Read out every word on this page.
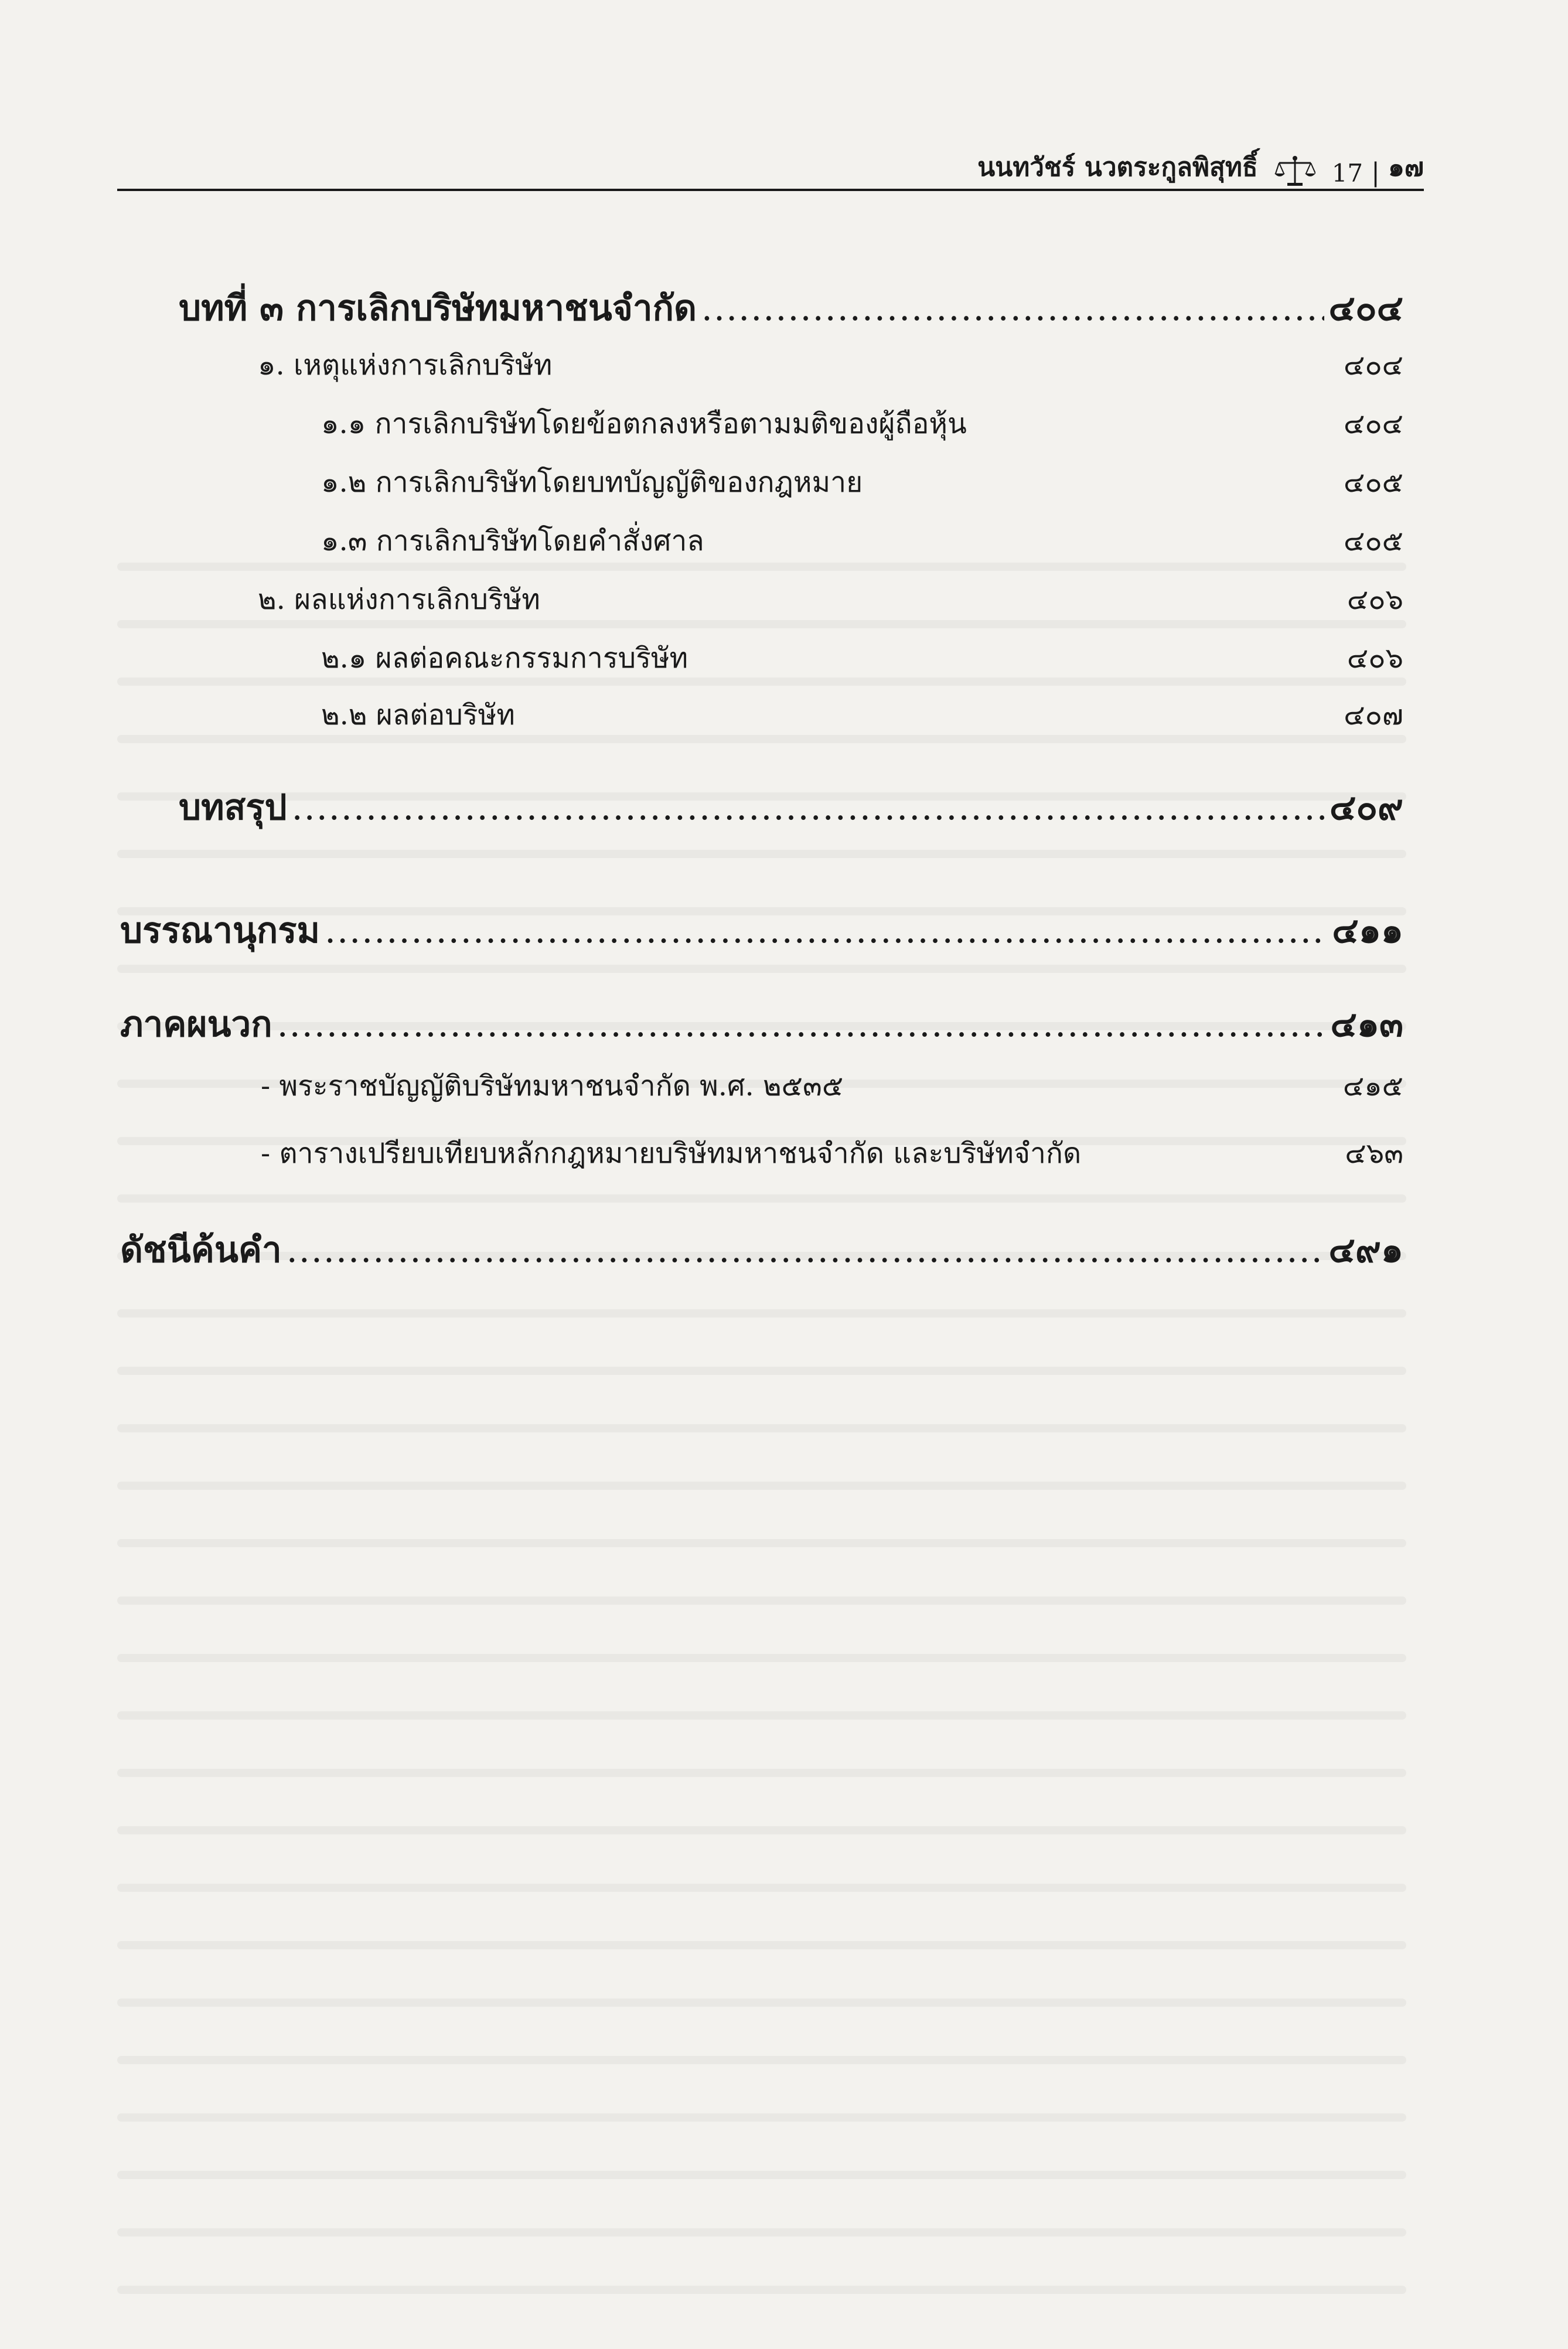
นนทวัชร์ นวตระกูลพิสุทธิ์	17 | ๑๗
บทที่ ๓ การเลิกบริษัทมหาชนจำกัด .....	๔๐๔
๑. เหตุแห่งการเลิกบริษัท	๔๐๔
๑.๑ การเลิกบริษัทโดยข้อตกลงหรือตามมติของผู้ถือหุ้น	๔๐๔
๑.๒ การเลิกบริษัทโดยบทบัญญัติของกฎหมาย	๔๐๕
๑.๓ การเลิกบริษัทโดยคำสั่งศาล	๔๐๕
๒. ผลแห่งการเลิกบริษัท	๔๐๖
๒.๑ ผลต่อคณะกรรมการบริษัท	๔๐๖
๒.๒ ผลต่อบริษัท	๔๐๗
บทสรุป .....	๔๐๙
บรรณานุกรม .....	๔๑๑
ภาคผนวก .....	๔๑๓
- พระราชบัญญัติบริษัทมหาชนจำกัด พ.ศ. ๒๕๓๕	๔๑๕
- ตารางเปรียบเทียบหลักกฎหมายบริษัทมหาชนจำกัด และบริษัทจำกัด	๔๖๓
ดัชนีค้นคำ .....	๔๙๑
